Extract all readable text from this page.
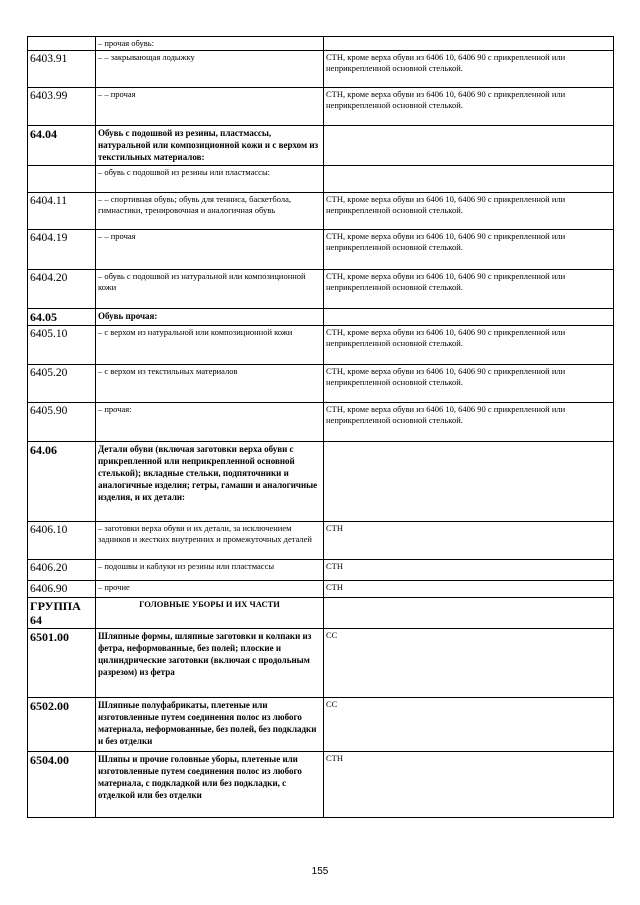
	– прочая обувь:	
6403.91	– – закрывающая лодыжку	СТН, кроме верха обуви из 6406 10, 6406 90 с прикрепленной или неприкрепленной основной стелькой.
6403.99	– – прочая	СТН, кроме верха обуви из 6406 10, 6406 90 с прикрепленной или неприкрепленной основной стелькой.
64.04	Обувь с подошвой из резины, пластмассы, натуральной или композиционной кожи и с верхом из текстильных материалов:	
	– обувь с подошвой из резины или пластмассы:	
6404.11	– – спортивная обувь; обувь для тенниса, баскетбола, гимнастики, тренировочная и аналогичная обувь	СТН, кроме верха обуви из 6406 10, 6406 90 с прикрепленной или неприкрепленной основной стелькой.
6404.19	– – прочая	СТН, кроме верха обуви из 6406 10, 6406 90 с прикрепленной или неприкрепленной основной стелькой.
6404.20	– обувь с подошвой из натуральной или композиционной кожи	СТН, кроме верха обуви из 6406 10, 6406 90 с прикрепленной или неприкрепленной основной стелькой.
64.05	Обувь прочая:	
6405.10	– с верхом из натуральной или композиционной кожи	СТН, кроме верха обуви из 6406 10, 6406 90 с прикрепленной или неприкрепленной основной стелькой.
6405.20	– с верхом из текстильных материалов	СТН, кроме верха обуви из 6406 10, 6406 90 с прикрепленной или неприкрепленной основной стелькой.
6405.90	– прочая:	СТН, кроме верха обуви из 6406 10, 6406 90 с прикрепленной или неприкрепленной основной стелькой.
64.06	Детали обуви (включая заготовки верха обуви с прикрепленной или неприкрепленной основной стелькой); вкладные стельки, подпяточники и аналогичные изделия; гетры, гамаши и аналогичные изделия, и их детали:	
6406.10	– заготовки верха обуви и их детали, за исключением задников и жестких внутренних и промежуточных деталей	СТН
6406.20	– подошвы и каблуки из резины или пластмассы	СТН
6406.90	– прочие	СТН
ГРУППА 64	ГОЛОВНЫЕ УБОРЫ И ИХ ЧАСТИ	
6501.00	Шляпные формы, шляпные заготовки и колпаки из фетра, неформованные, без полей; плоские и цилиндрические заготовки (включая с продольным разрезом) из фетра	СС
6502.00	Шляпные полуфабрикаты, плетеные или изготовленные путем соединения полос из любого материала, неформованные, без полей, без подкладки и без отделки	СС
6504.00	Шляпы и прочие головные уборы, плетеные или изготовленные путем соединения полос из любого материала, с подкладкой или без подкладки, с отделкой или без отделки	СТН
155
